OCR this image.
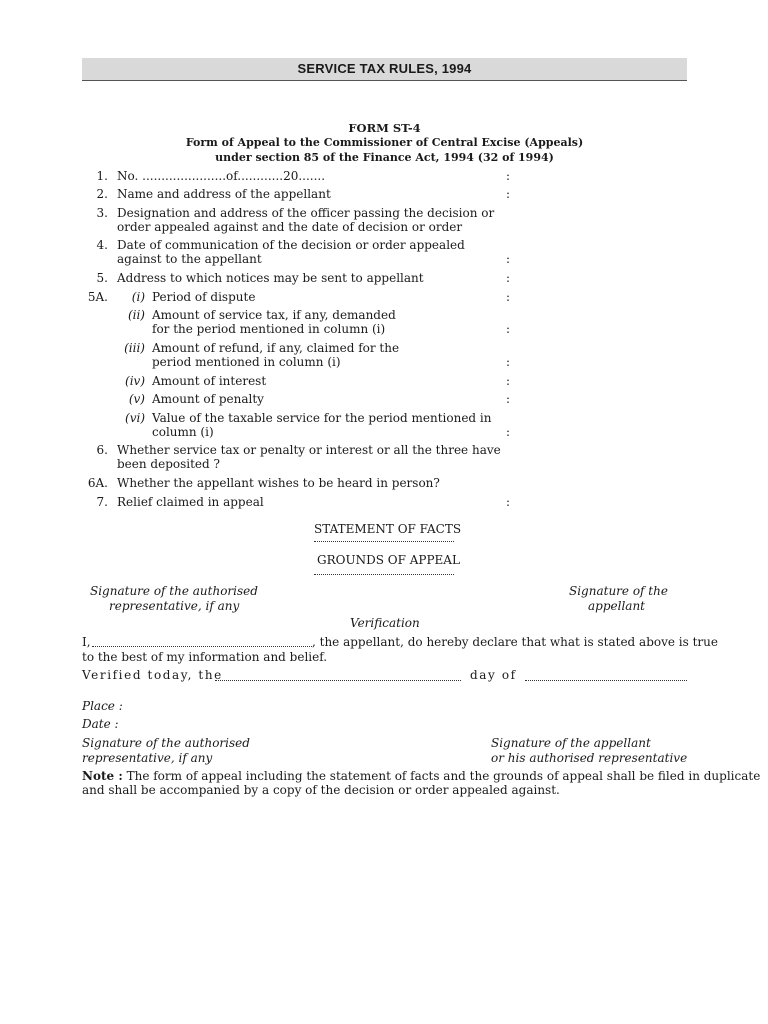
SERVICE TAX RULES, 1994
FORM ST-4
Form of Appeal to the Commissioner of Central Excise (Appeals)
under section 85 of the Finance Act, 1994 (32 of 1994)
1. No. ......................of............20.......	:
2. Name and address of the appellant	:
3. Designation and address of the officer passing the decision or
order appealed against and the date of decision or order
4. Date of communication of the decision or order appealed
against to the appellant	:
5. Address to which notices may be sent to appellant	:
5A. (i) Period of dispute	:
(ii) Amount of service tax, if any, demanded
for the period mentioned in column (i)	:
(iii) Amount of refund, if any, claimed for the
period mentioned in column (i)	:
(iv) Amount of interest	:
(v) Amount of penalty	:
(vi) Value of the taxable service for the period mentioned in
column (i)	:
6. Whether service tax or penalty or interest or all the three have
been deposited ?
6A. Whether the appellant wishes to be heard in person?
7. Relief claimed in appeal	:
STATEMENT OF FACTS
GROUNDS OF APPEAL
Signature of the authorised
representative, if any
Signature of the
appellant
Verification
I,	, the appellant, do hereby declare that what is stated above is true
to the best of my information and belief.
Verified today, the	day of
Place :
Date :
Signature of the authorised
representative, if any
Signature of the appellant
or his authorised representative
Note : The form of appeal including the statement of facts and the grounds of appeal shall be filed in duplicate
and shall be accompanied by a copy of the decision or order appealed against.
